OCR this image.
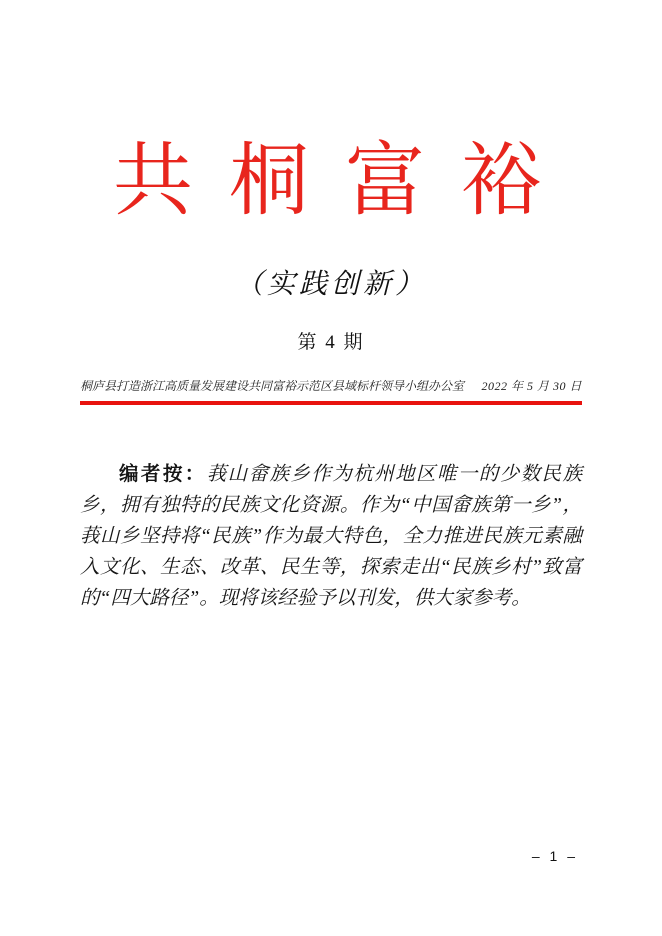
共 桐 富 裕
（实践创新）
第 4 期
桐庐县打造浙江高质量发展建设共同富裕示范区县域标杆领导小组办公室 2022 年 5 月 30 日

编者按：莪山畲族乡作为杭州地区唯一的少数民族乡，拥有独特的民族文化资源。作为“中国畲族第一乡”，莪山乡坚持将“民族”作为最大特色，全力推进民族元素融入文化、生态、改革、民生等，探索走出“民族乡村”致富的“四大路径”。现将该经验予以刊发，供大家参考。

– 1 –
